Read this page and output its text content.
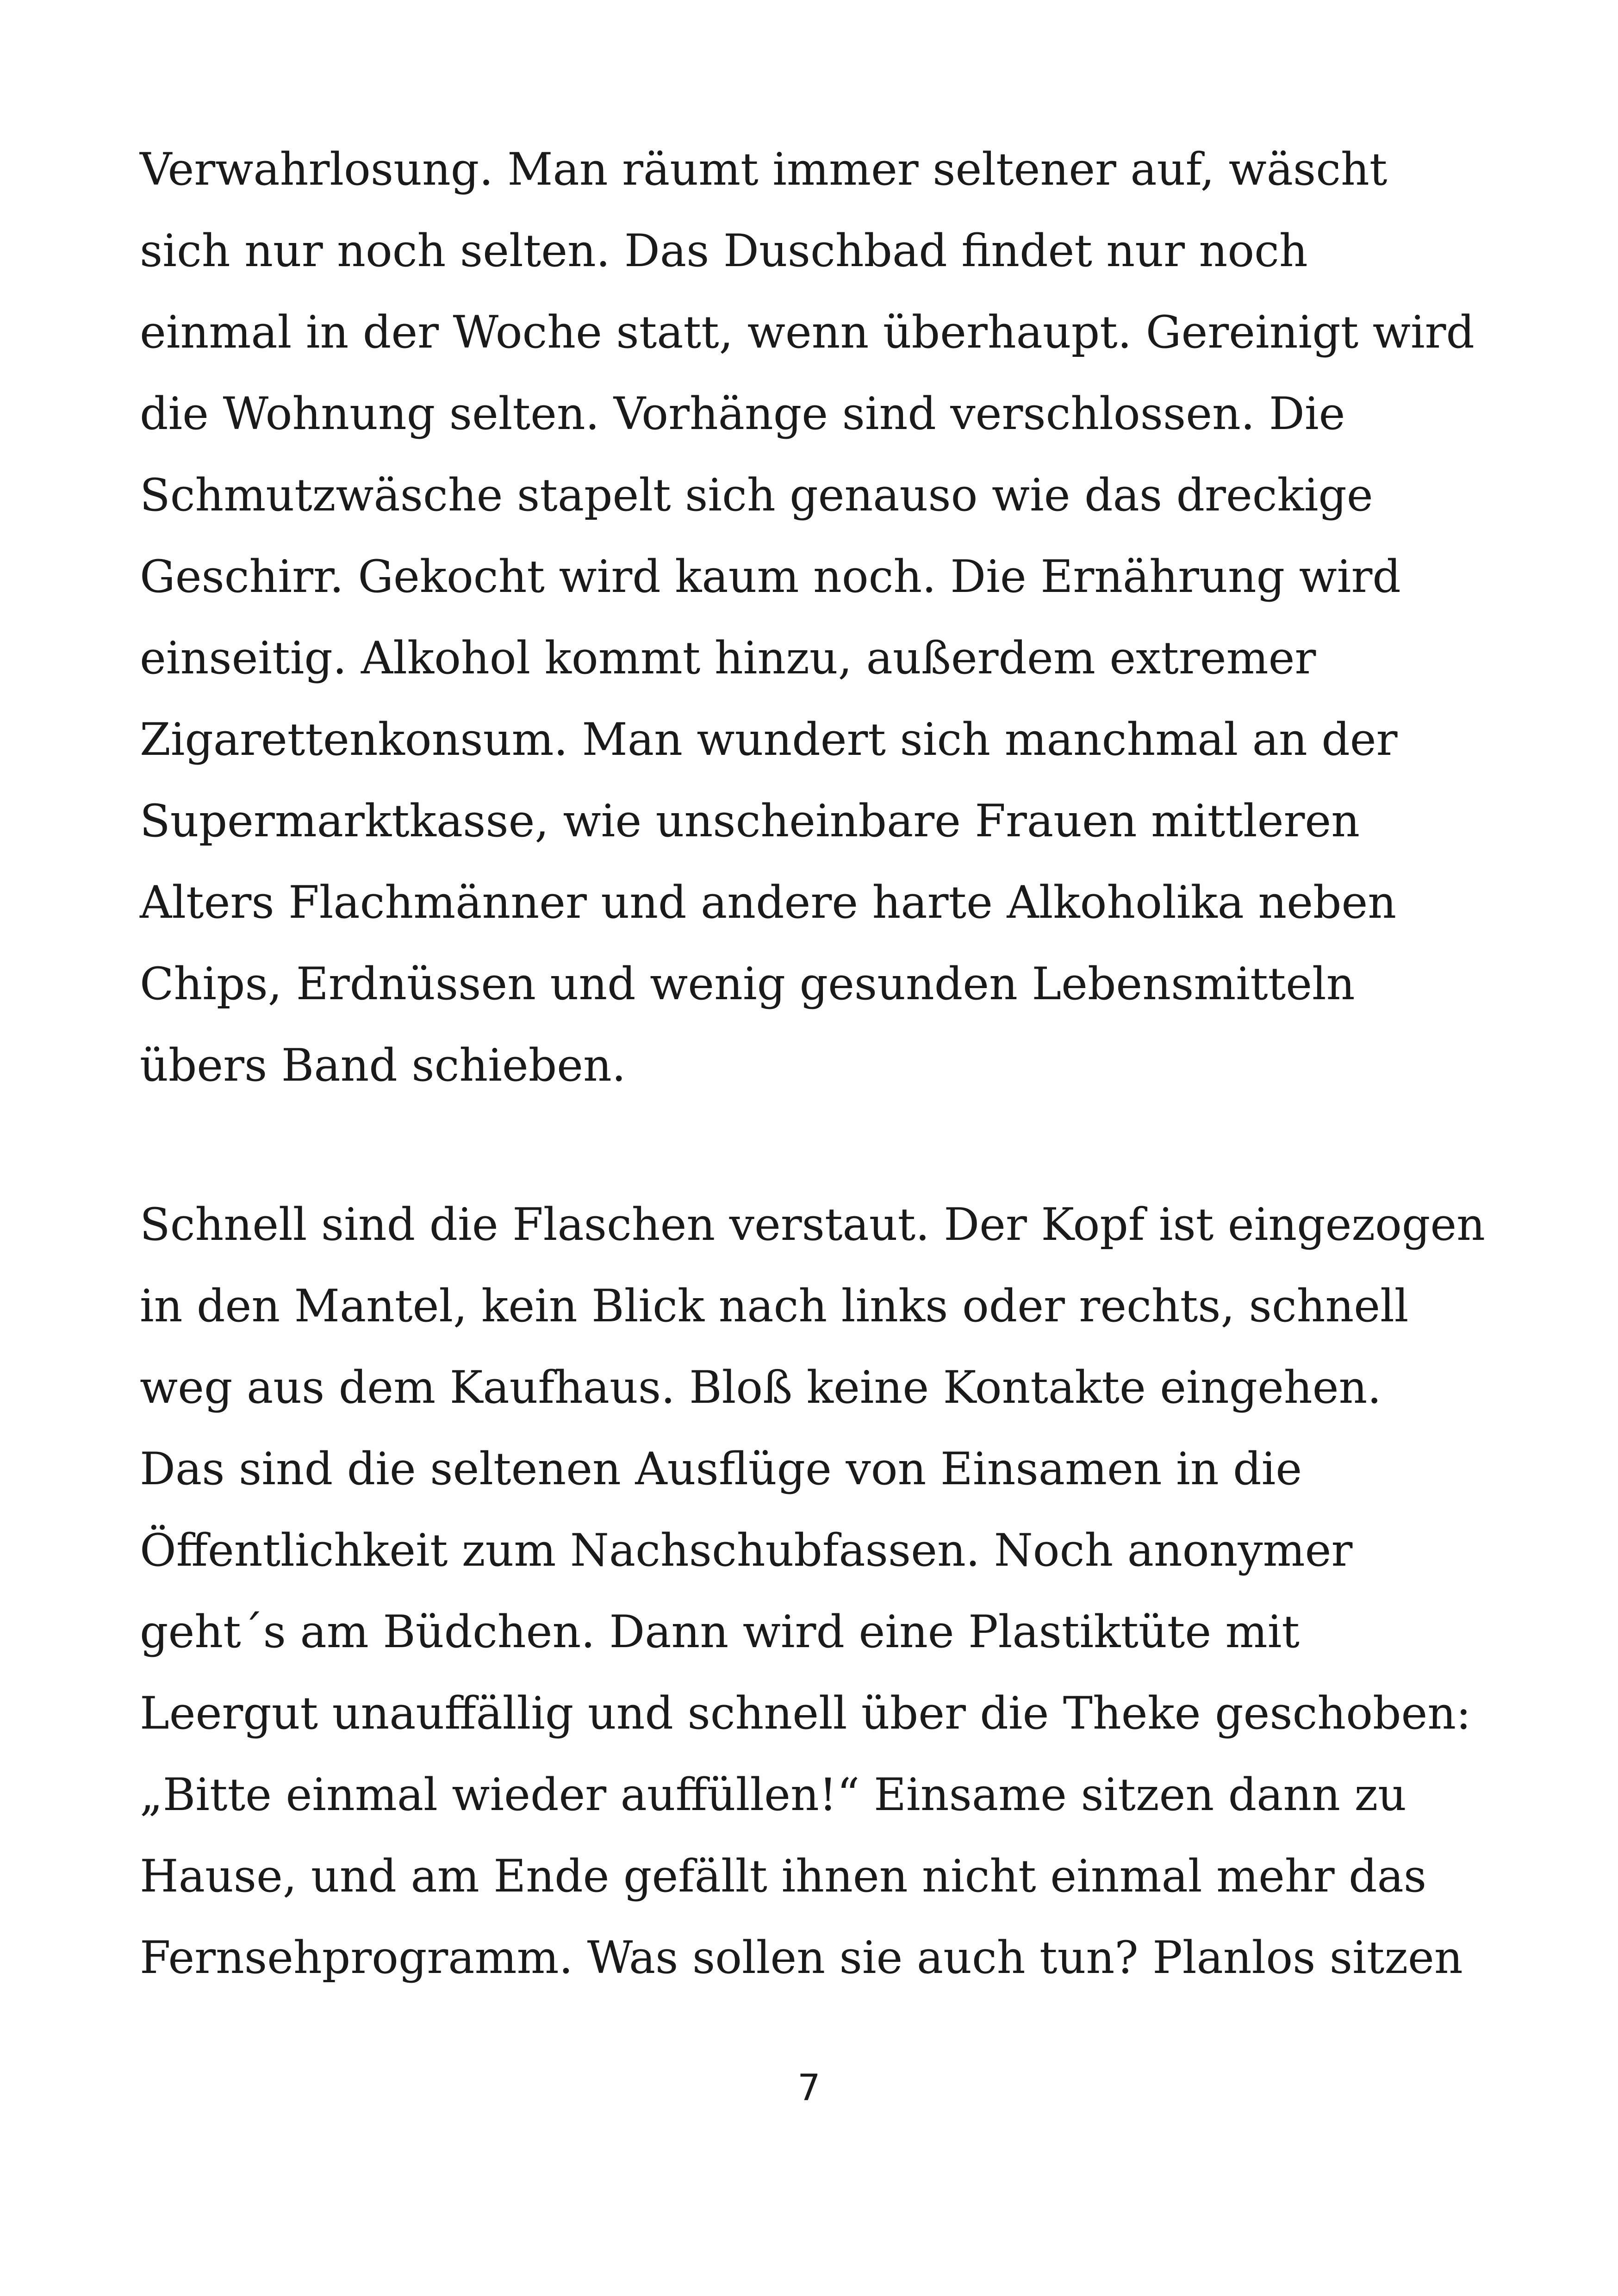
Verwahrlosung. Man räumt immer seltener auf, wäscht
sich nur noch selten. Das Duschbad findet nur noch
einmal in der Woche statt, wenn überhaupt. Gereinigt wird
die Wohnung selten. Vorhänge sind verschlossen. Die
Schmutzwäsche stapelt sich genauso wie das dreckige
Geschirr. Gekocht wird kaum noch. Die Ernährung wird
einseitig. Alkohol kommt hinzu, außerdem extremer
Zigarettenkonsum. Man wundert sich manchmal an der
Supermarktkasse, wie unscheinbare Frauen mittleren
Alters Flachmänner und andere harte Alkoholika neben
Chips, Erdnüssen und wenig gesunden Lebensmitteln
übers Band schieben.
Schnell sind die Flaschen verstaut. Der Kopf ist eingezogen
in den Mantel, kein Blick nach links oder rechts, schnell
weg aus dem Kaufhaus. Bloß keine Kontakte eingehen.
Das sind die seltenen Ausflüge von Einsamen in die
Öffentlichkeit zum Nachschubfassen. Noch anonymer
geht´s am Büdchen. Dann wird eine Plastiktüte mit
Leergut unauffällig und schnell über die Theke geschoben:
„Bitte einmal wieder auffüllen!“ Einsame sitzen dann zu
Hause, und am Ende gefällt ihnen nicht einmal mehr das
Fernsehprogramm. Was sollen sie auch tun? Planlos sitzen
7
